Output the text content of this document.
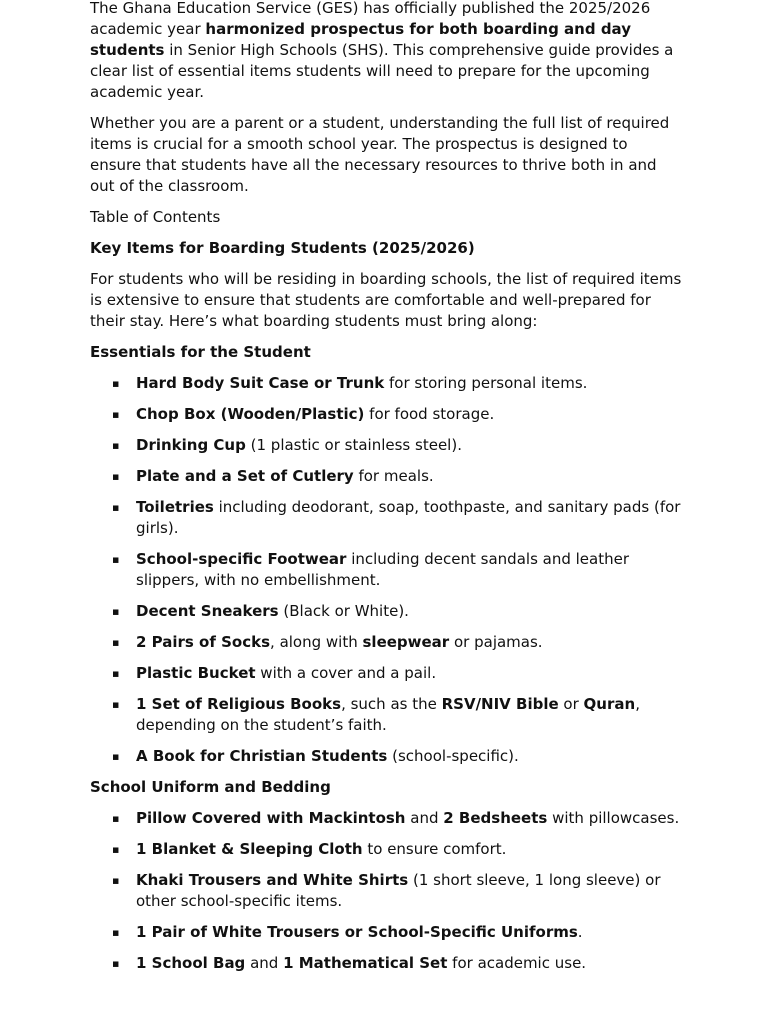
The Ghana Education Service (GES) has officially published the 2025/2026 academic year harmonized prospectus for both boarding and day students in Senior High Schools (SHS). This comprehensive guide provides a clear list of essential items students will need to prepare for the upcoming academic year.

Whether you are a parent or a student, understanding the full list of required items is crucial for a smooth school year. The prospectus is designed to ensure that students have all the necessary resources to thrive both in and out of the classroom.

Table of Contents

Key Items for Boarding Students (2025/2026)

For students who will be residing in boarding schools, the list of required items is extensive to ensure that students are comfortable and well-prepared for their stay. Here’s what boarding students must bring along:

Essentials for the Student

▪ Hard Body Suit Case or Trunk for storing personal items.
▪ Chop Box (Wooden/Plastic) for food storage.
▪ Drinking Cup (1 plastic or stainless steel).
▪ Plate and a Set of Cutlery for meals.
▪ Toiletries including deodorant, soap, toothpaste, and sanitary pads (for girls).
▪ School-specific Footwear including decent sandals and leather slippers, with no embellishment.
▪ Decent Sneakers (Black or White).
▪ 2 Pairs of Socks, along with sleepwear or pajamas.
▪ Plastic Bucket with a cover and a pail.
▪ 1 Set of Religious Books, such as the RSV/NIV Bible or Quran, depending on the student’s faith.
▪ A Book for Christian Students (school-specific).

School Uniform and Bedding

▪ Pillow Covered with Mackintosh and 2 Bedsheets with pillowcases.
▪ 1 Blanket & Sleeping Cloth to ensure comfort.
▪ Khaki Trousers and White Shirts (1 short sleeve, 1 long sleeve) or other school-specific items.
▪ 1 Pair of White Trousers or School-Specific Uniforms.
▪ 1 School Bag and 1 Mathematical Set for academic use.
